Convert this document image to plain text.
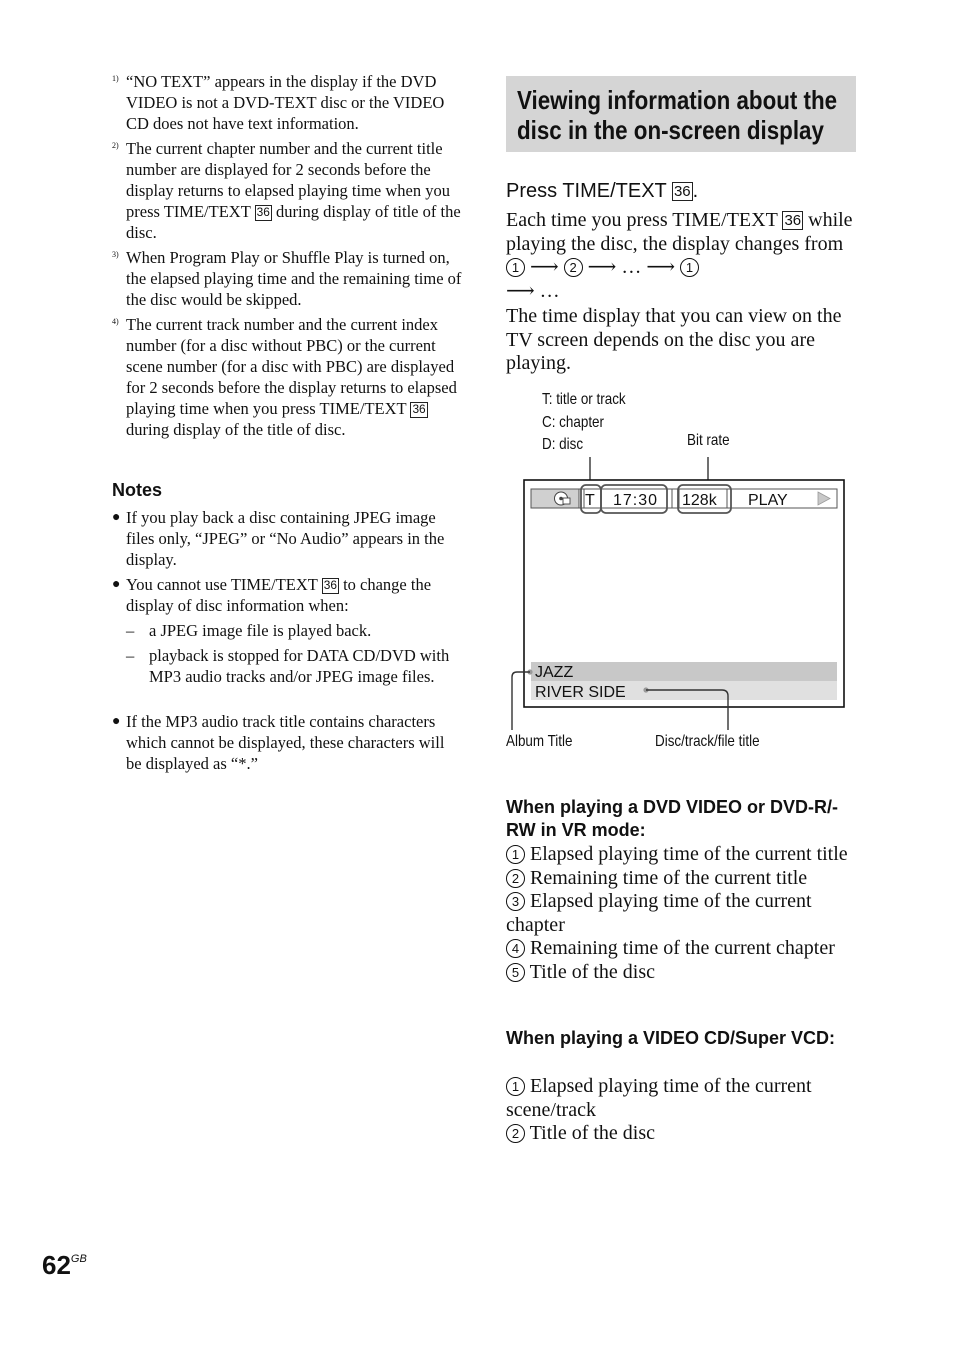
1) “NO TEXT” appears in the display if the DVD VIDEO is not a DVD-TEXT disc or the VIDEO CD does not have text information.
2) The current chapter number and the current title number are displayed for 2 seconds before the display returns to elapsed playing time when you press TIME/TEXT 36 during display of title of the disc.
3) When Program Play or Shuffle Play is turned on, the elapsed playing time and the remaining time of the disc would be skipped.
4) The current track number and the current index number (for a disc without PBC) or the current scene number (for a disc with PBC) are displayed for 2 seconds before the display returns to elapsed playing time when you press TIME/TEXT 36 during display of the title of disc.
Notes
● If you play back a disc containing JPEG image files only, “JPEG” or “No Audio” appears in the display.
● You cannot use TIME/TEXT 36 to change the display of disc information when:
– a JPEG image file is played back.
– playback is stopped for DATA CD/DVD with MP3 audio tracks and/or JPEG image files.
● If the MP3 audio track title contains characters which cannot be displayed, these characters will be displayed as “*.”
Viewing information about the
disc in the on-screen display
Press TIME/TEXT 36 .
Each time you press TIME/TEXT 36 while playing the disc, the display changes from 1 ⟶ 2 ⟶ … ⟶ 1
⟶ …
The time display that you can view on the TV screen depends on the disc you are playing.
T: title or track
C: chapter
D: disc	Bit rate
Album Title	Disc/track/file title
T 17:30 128k PLAY
JAZZ
RIVER SIDE
When playing a DVD VIDEO or DVD-R/-RW in VR mode:
1 Elapsed playing time of the current title
2 Remaining time of the current title
3 Elapsed playing time of the current chapter
4 Remaining time of the current chapter
5 Title of the disc
When playing a VIDEO CD/Super VCD:
1 Elapsed playing time of the current scene/track
2 Title of the disc
$62^{GB}$
